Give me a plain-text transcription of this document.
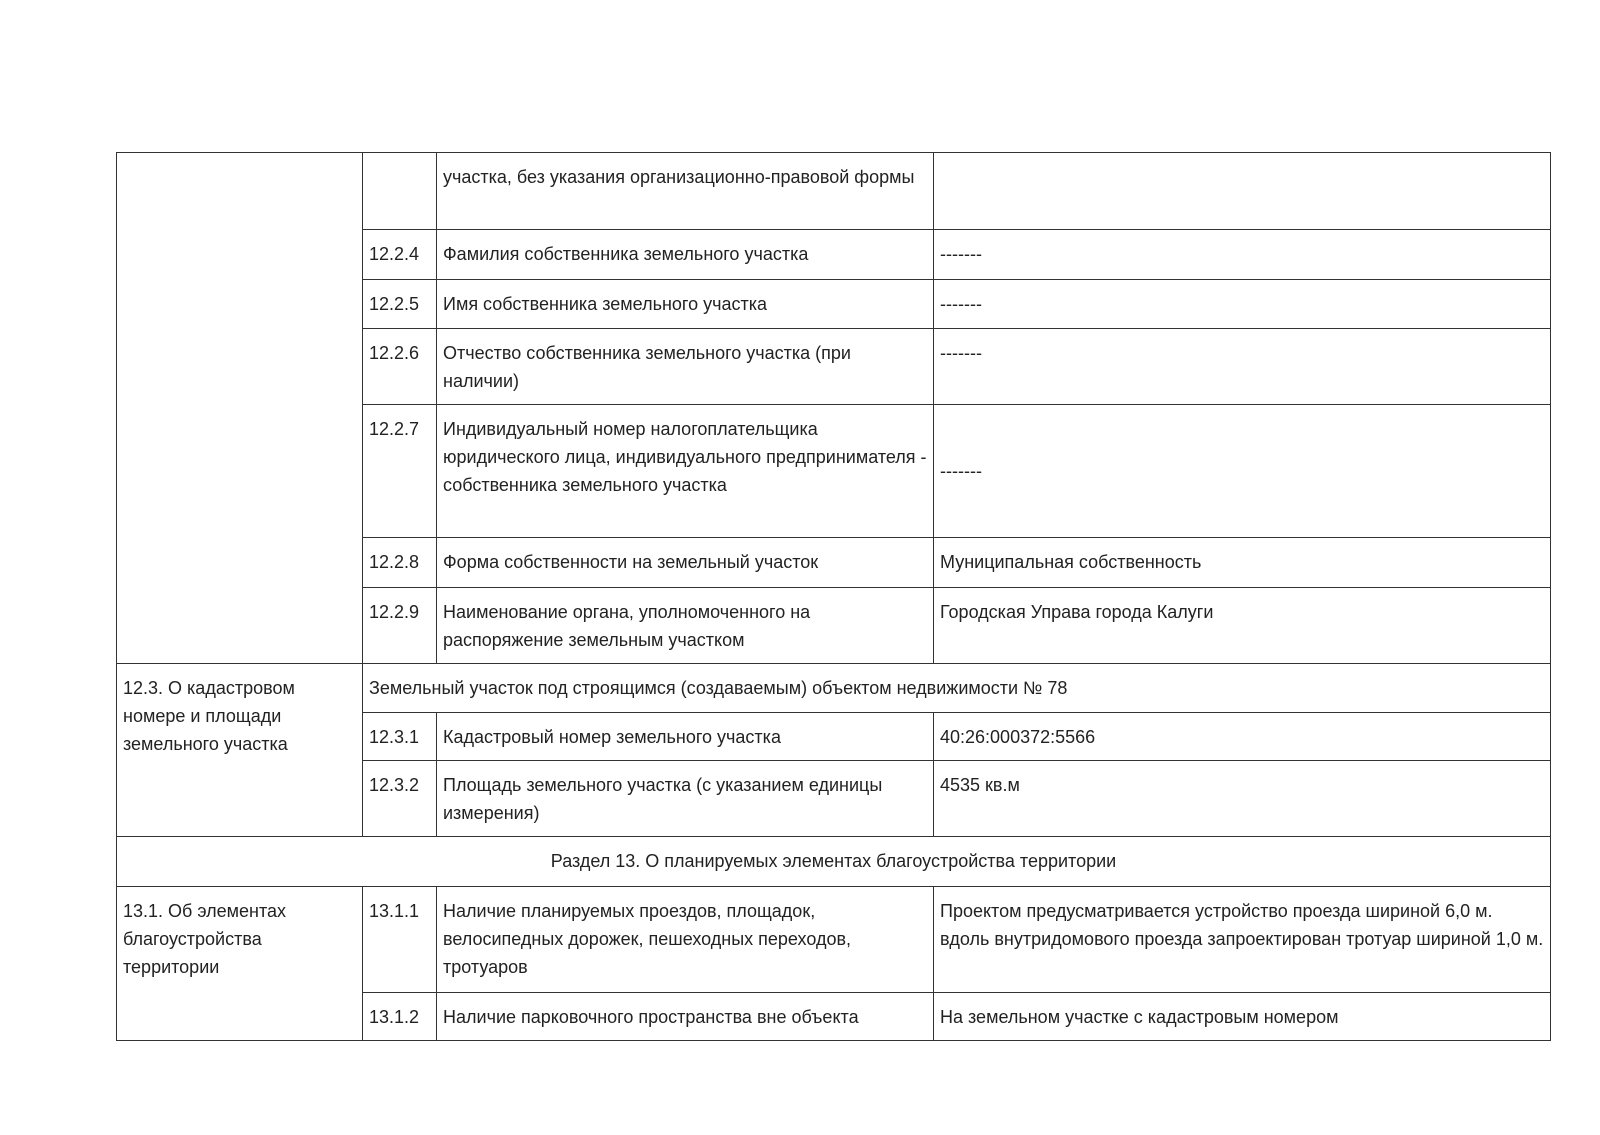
		участка, без указания организационно-правовой формы	
	12.2.4	Фамилия собственника земельного участка	-------
	12.2.5	Имя собственника земельного участка	-------
	12.2.6	Отчество собственника земельного участка (при наличии)	-------
	12.2.7	Индивидуальный номер налогоплательщика юридического лица, индивидуального предпринимателя - собственника земельного участка	-------
	12.2.8	Форма собственности на земельный участок	Муниципальная собственность
	12.2.9	Наименование органа, уполномоченного на распоряжение земельным участком	Городская Управа города Калуги
12.3. О кадастровом номере и площади земельного участка	Земельный участок под строящимся (создаваемым) объектом недвижимости № 78		
	12.3.1	Кадастровый номер земельного участка	40:26:000372:5566
	12.3.2	Площадь земельного участка (с указанием единицы измерения)	4535 кв.м
Раздел 13. О планируемых элементах благоустройства территории			
13.1. Об элементах благоустройства территории	13.1.1	Наличие планируемых проездов, площадок, велосипедных дорожек, пешеходных переходов, тротуаров	Проектом предусматривается устройство проезда шириной 6,0 м. вдоль внутридомового проезда запроектирован тротуар шириной 1,0 м.
	13.1.2	Наличие парковочного пространства вне объекта	На земельном участке с кадастровым номером
